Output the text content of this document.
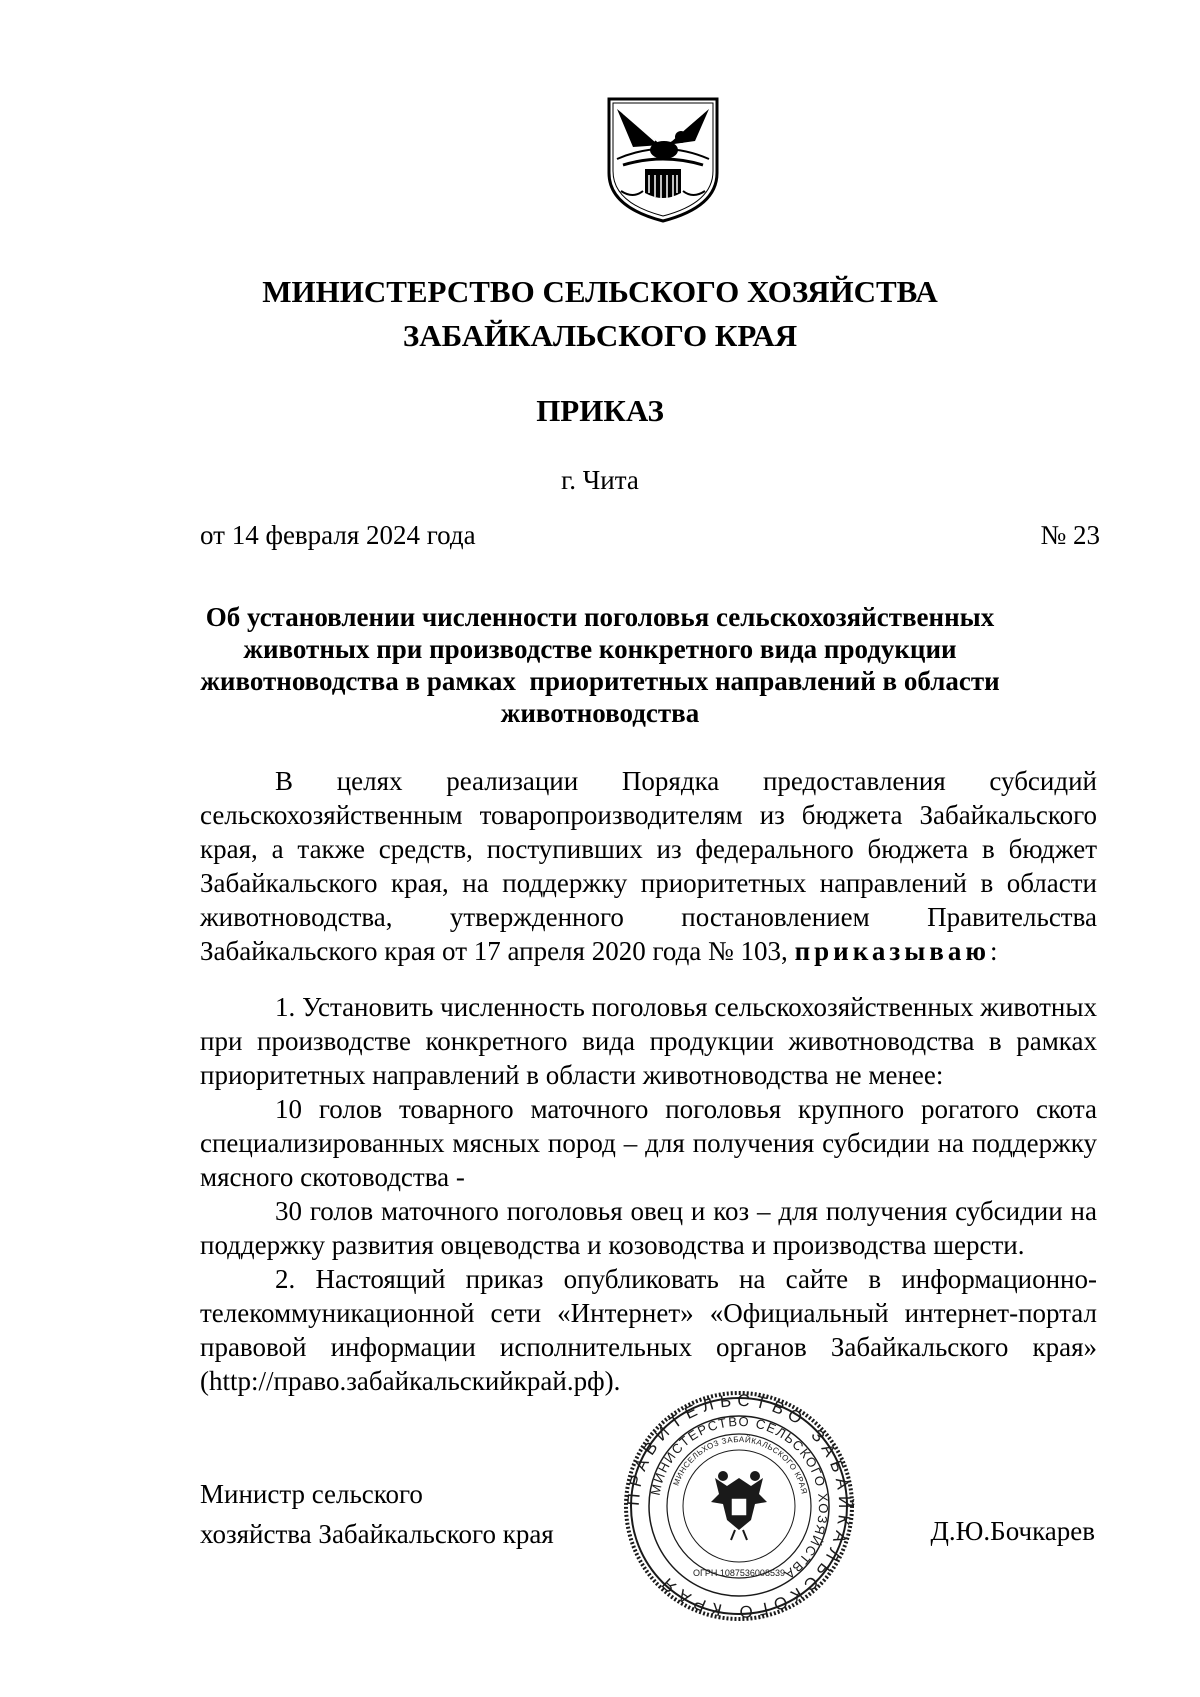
МИНИСТЕРСТВО СЕЛЬСКОГО ХОЗЯЙСТВА
ЗАБАЙКАЛЬСКОГО КРАЯ
ПРИКАЗ
г. Чита
от 14 февраля 2024 года	№ 23
Об установлении численности поголовья сельскохозяйственных
животных при производстве конкретного вида продукции
животноводства в рамках  приоритетных направлений в области
животноводства
В целях реализации Порядка предоставления субсидий
сельскохозяйственным товаропроизводителям из бюджета Забайкальского
края, а также средств, поступивших из федерального бюджета в бюджет
Забайкальского края, на поддержку приоритетных направлений в области
животноводства, утвержденного постановлением Правительства
Забайкальского края от 17 апреля 2020 года № 103, приказываю:
1. Установить численность поголовья сельскохозяйственных животных
при производстве конкретного вида продукции животноводства в рамках
приоритетных направлений в области животноводства не менее:
10 голов товарного маточного поголовья крупного рогатого скота
специализированных мясных пород – для получения субсидии на поддержку
мясного скотоводства -
30 голов маточного поголовья овец и коз – для получения субсидии на
поддержку развития овцеводства и козоводства и производства шерсти.
2. Настоящий приказ опубликовать на сайте в информационно-
телекоммуникационной сети «Интернет» «Официальный интернет-портал
правовой информации исполнительных органов Забайкальского края»
(http://право.забайкальскийкрай.рф).
Министр сельского
хозяйства Забайкальского края	Д.Ю.Бочкарев
ПРАВИТЕЛЬСТВО ЗАБАЙКАЛЬСКОГО КРАЯ
МИНИСТЕРСТВО СЕЛЬСКОГО ХОЗЯЙСТВА
МИНСЕЛЬХОЗ ЗАБАЙКАЛЬСКОГО КРАЯ
ОГРН 1087536008539
